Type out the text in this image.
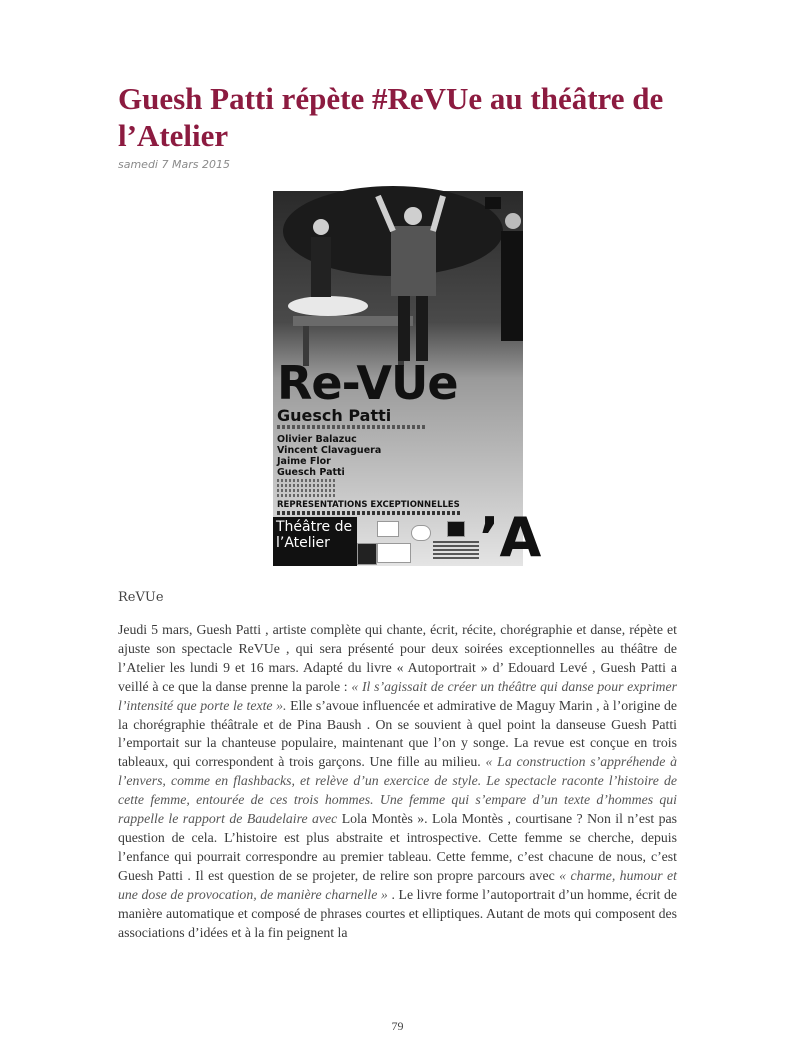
Guesh Patti répète #ReVUe au théâtre de l’Atelier
samedi 7 Mars 2015
Re-VUe
Guesch Patti
Olivier Balazuc
Vincent Clavaguera
Jaime Flor
Guesch Patti
REPRESENTATIONS EXCEPTIONNELLES
Théâtre de l’Atelier	’A
ReVUe

Jeudi 5 mars, Guesh Patti , artiste complète qui chante, écrit, récite, chorégraphie et danse, répète et ajuste son spectacle ReVUe , qui sera présenté pour deux soirées exceptionnelles au théâtre de l’Atelier les lundi 9 et 16 mars. Adapté du livre « Autoportrait » d’ Edouard Levé , Guesh Patti a veillé à ce que la danse prenne la parole : « Il s’agissait de créer un théâtre qui danse pour exprimer l’intensité que porte le texte ». Elle s’avoue influencée et admirative de Maguy Marin , à l’origine de la chorégraphie théâtrale et de Pina Baush . On se souvient à quel point la danseuse Guesh Patti l’emportait sur la chanteuse populaire, maintenant que l’on y songe. La revue est conçue en trois tableaux, qui correspondent à trois garçons. Une fille au milieu. « La construction s’appréhende à l’envers, comme en flashbacks, et relève d’un exercice de style. Le spectacle raconte l’histoire de cette femme, entourée de ces trois hommes. Une femme qui s’empare d’un texte d’hommes qui rappelle le rapport de Baudelaire avec Lola Montès ». Lola Montès , courtisane ? Non il n’est pas question de cela. L’histoire est plus abstraite et introspective. Cette femme se cherche, depuis l’enfance qui pourrait correspondre au premier tableau. Cette femme, c’est chacune de nous, c’est Guesh Patti . Il est question de se projeter, de relire son propre parcours avec « charme, humour et une dose de provocation, de manière charnelle » . Le livre forme l’autoportrait d’un homme, écrit de manière automatique et composé de phrases courtes et elliptiques. Autant de mots qui composent des associations d’idées et à la fin peignent la

79
